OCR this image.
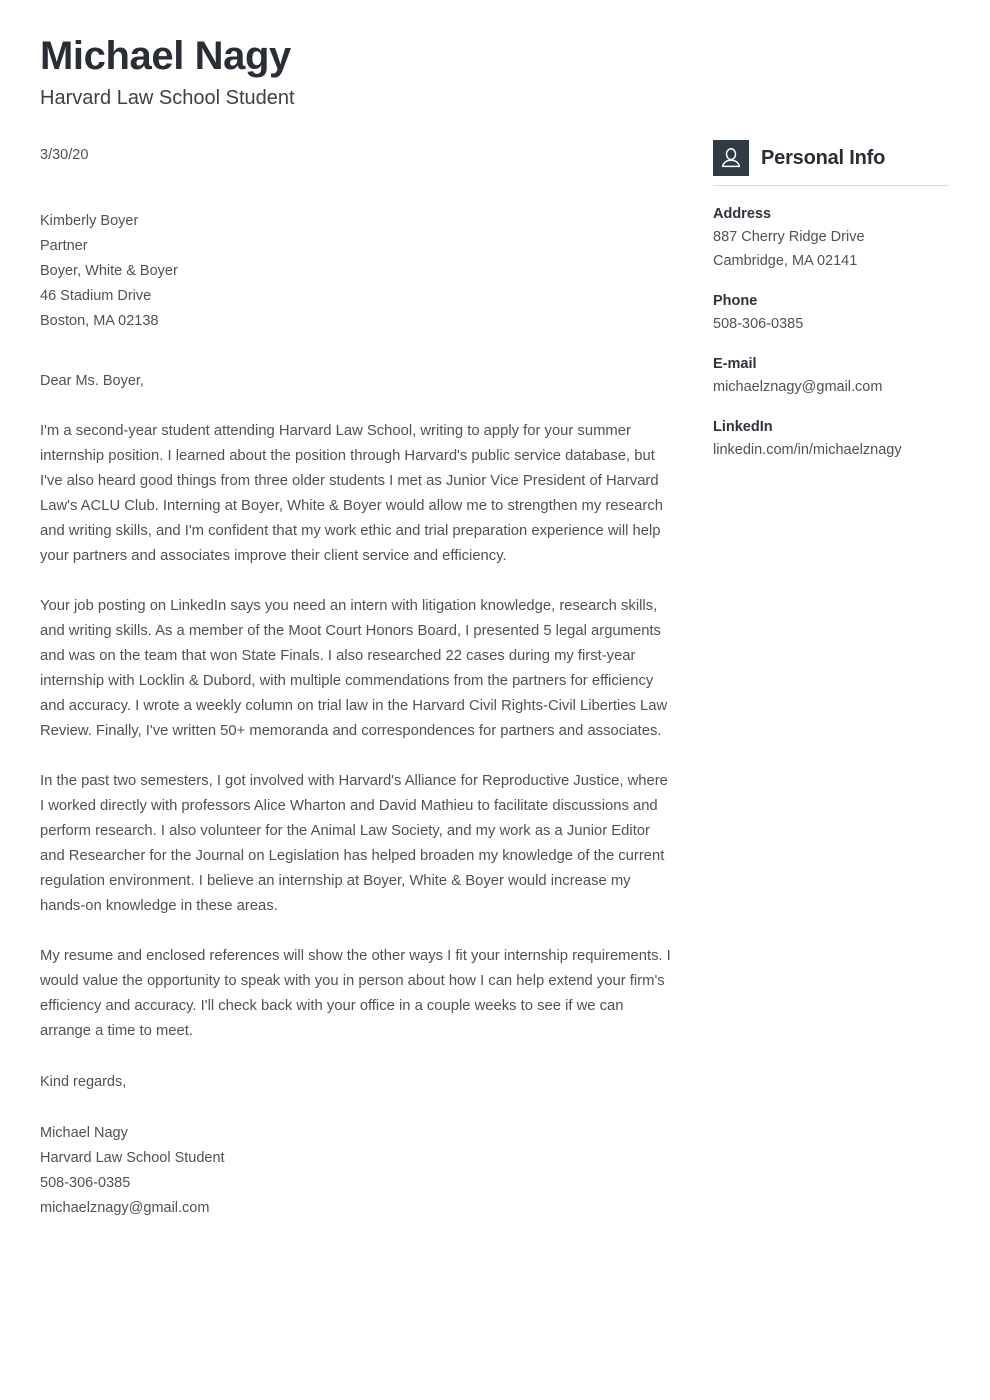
Michael Nagy
Harvard Law School Student
3/30/20
Kimberly Boyer
Partner
Boyer, White & Boyer
46 Stadium Drive
Boston, MA 02138
Dear Ms. Boyer,

I'm a second-year student attending Harvard Law School, writing to apply for your summer internship position. I learned about the position through Harvard's public service database, but I've also heard good things from three older students I met as Junior Vice President of Harvard Law's ACLU Club. Interning at Boyer, White & Boyer would allow me to strengthen my research and writing skills, and I'm confident that my work ethic and trial preparation experience will help your partners and associates improve their client service and efficiency.

Your job posting on LinkedIn says you need an intern with litigation knowledge, research skills, and writing skills. As a member of the Moot Court Honors Board, I presented 5 legal arguments and was on the team that won State Finals. I also researched 22 cases during my first-year internship with Locklin & Dubord, with multiple commendations from the partners for efficiency and accuracy. I wrote a weekly column on trial law in the Harvard Civil Rights-Civil Liberties Law Review. Finally, I've written 50+ memoranda and correspondences for partners and associates.

In the past two semesters, I got involved with Harvard's Alliance for Reproductive Justice, where I worked directly with professors Alice Wharton and David Mathieu to facilitate discussions and perform research. I also volunteer for the Animal Law Society, and my work as a Junior Editor and Researcher for the Journal on Legislation has helped broaden my knowledge of the current regulation environment. I believe an internship at Boyer, White & Boyer would increase my hands-on knowledge in these areas.

My resume and enclosed references will show the other ways I fit your internship requirements. I would value the opportunity to speak with you in person about how I can help extend your firm's efficiency and accuracy. I'll check back with your office in a couple weeks to see if we can arrange a time to meet.

Kind regards,
Michael Nagy
Harvard Law School Student
508-306-0385
michaelznagy@gmail.com
Personal Info
Address
887 Cherry Ridge Drive
Cambridge, MA 02141
Phone
508-306-0385
E-mail
michaelznagy@gmail.com
LinkedIn
linkedin.com/in/michaelznagy
